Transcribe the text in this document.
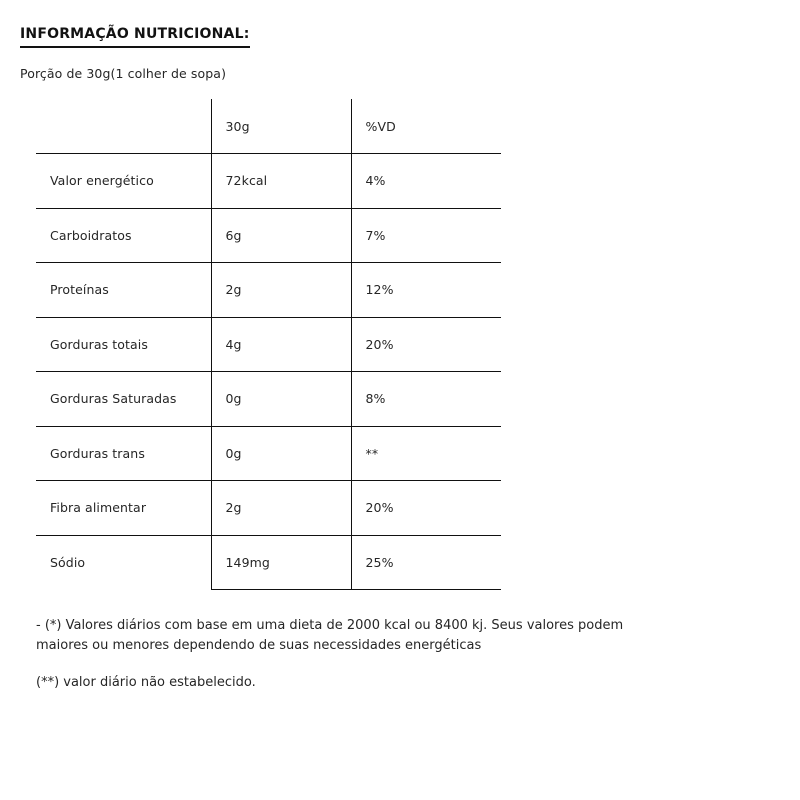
INFORMAÇÃO NUTRICIONAL:
Porção de 30g(1 colher de sopa)
	30g	%VD
Valor energético	72kcal	4%
Carboidratos	6g	7%
Proteínas	2g	12%
Gorduras totais	4g	20%
Gorduras Saturadas	0g	8%
Gorduras trans	0g	**
Fibra alimentar	2g	20%
Sódio	149mg	25%

- (*) Valores diários com base em uma dieta de 2000 kcal ou 8400 kj. Seus valores podem maiores ou menores dependendo de suas necessidades energéticas

(**) valor diário não estabelecido.
